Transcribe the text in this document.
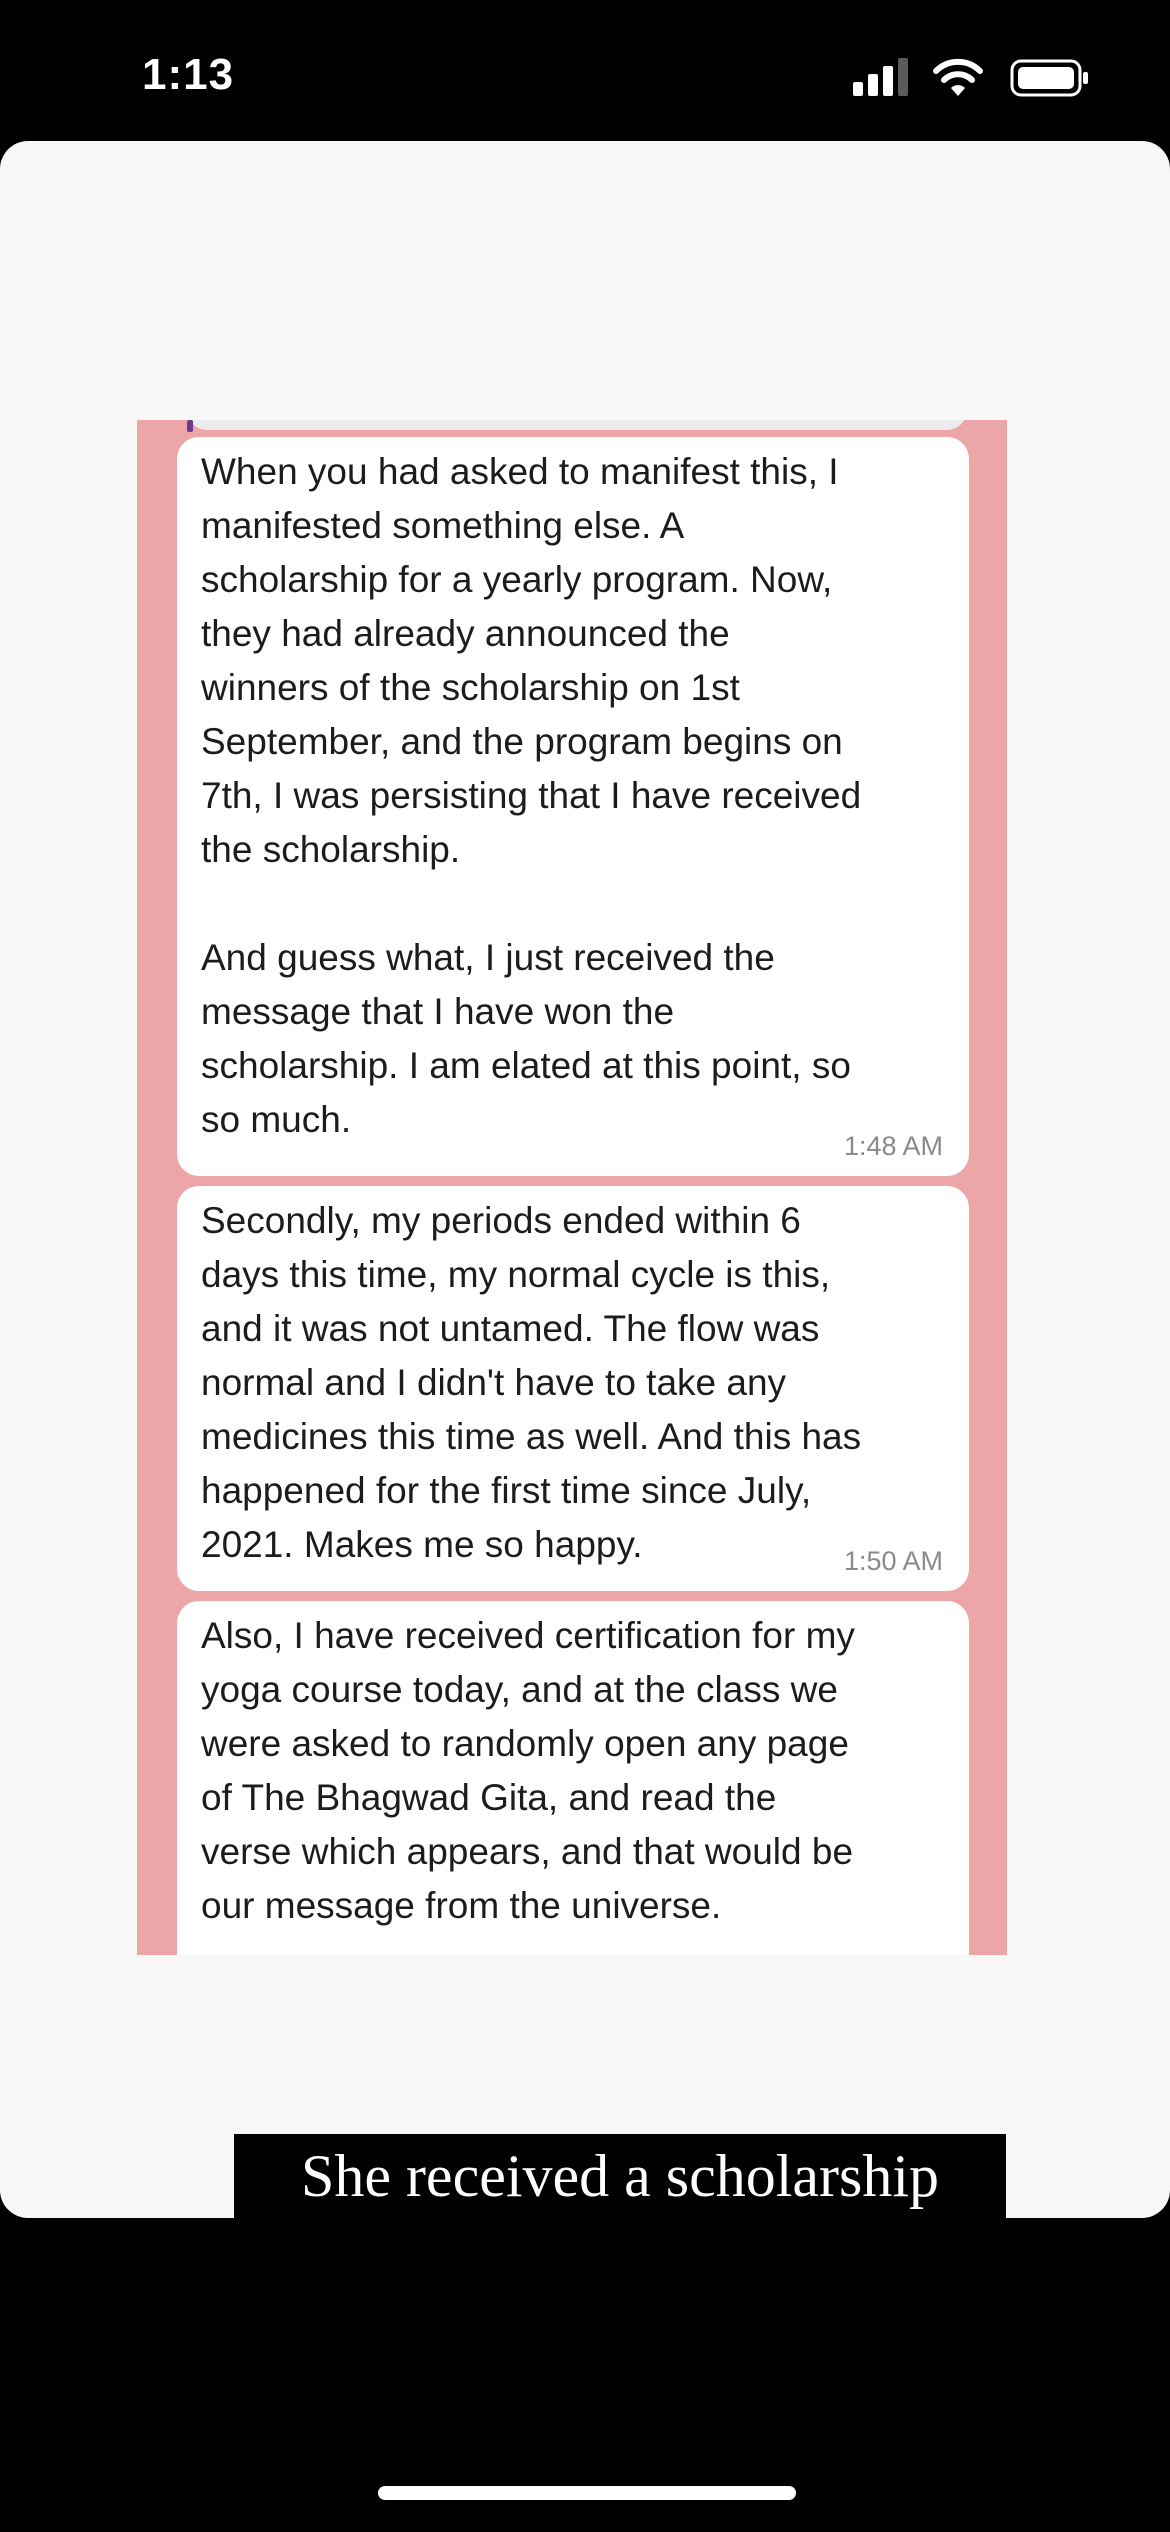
1:13
When you had asked to manifest this, I
manifested something else. A
scholarship for a yearly program. Now,
they had already announced the
winners of the scholarship on 1st
September, and the program begins on
7th, I was persisting that I have received
the scholarship.

And guess what, I just received the
message that I have won the
scholarship. I am elated at this point, so
so much.
1:48 AM
Secondly, my periods ended within 6
days this time, my normal cycle is this,
and it was not untamed. The flow was
normal and I didn't have to take any
medicines this time as well. And this has
happened for the first time since July,
2021. Makes me so happy.	1:50 AM
Also, I have received certification for my
yoga course today, and at the class we
were asked to randomly open any page
of The Bhagwad Gita, and read the
verse which appears, and that would be
our message from the universe.
She received a scholarship
